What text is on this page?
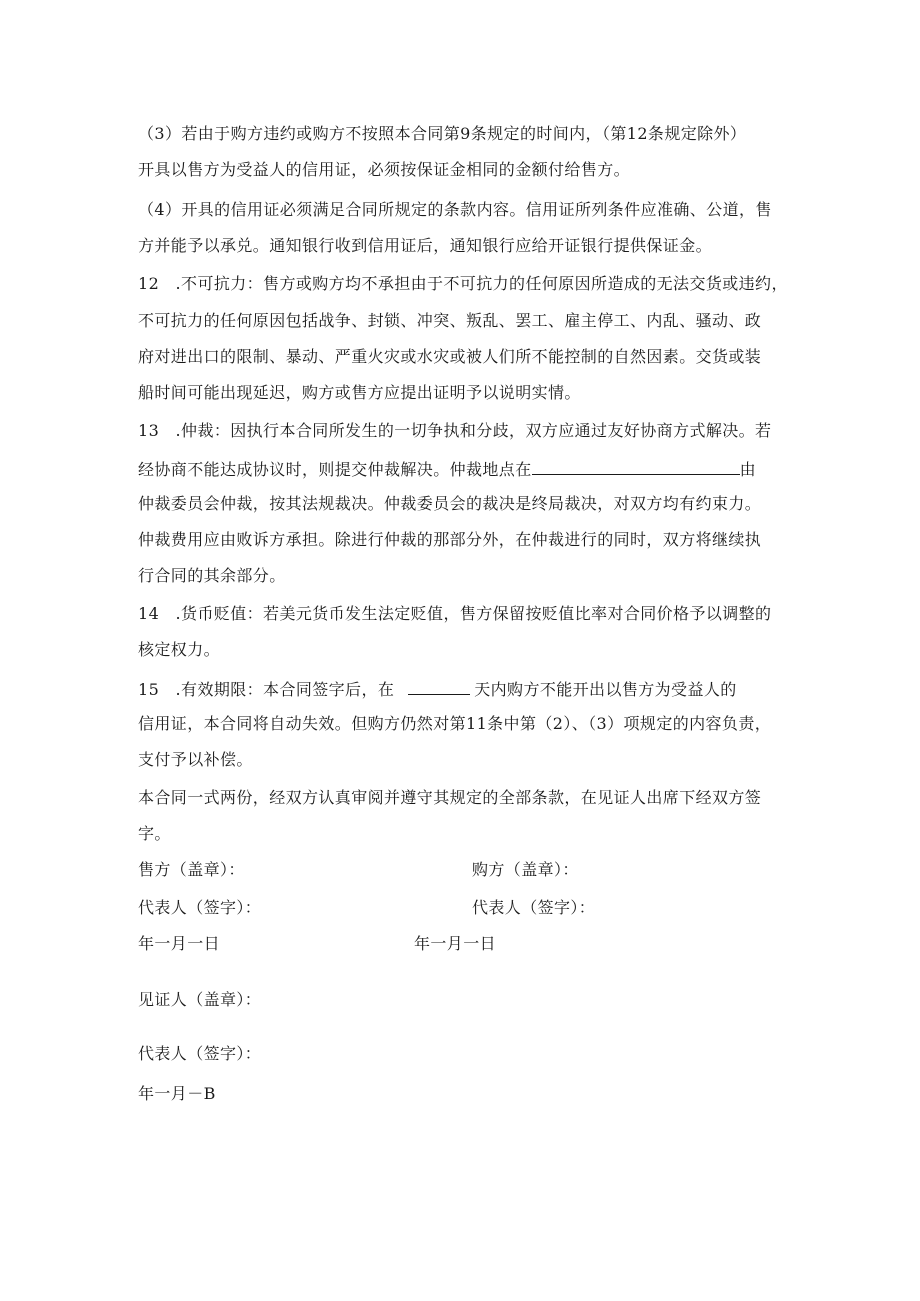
（3）若由于购方违约或购方不按照本合同第9条规定的时间内，（第12条规定除外）
开具以售方为受益人的信用证，必须按保证金相同的金额付给售方。
（4）开具的信用证必须满足合同所规定的条款内容。信用证所列条件应准确、公道，售
方并能予以承兑。通知银行收到信用证后，通知银行应给开证银行提供保证金。
12　.不可抗力：售方或购方均不承担由于不可抗力的任何原因所造成的无法交货或违约，
不可抗力的任何原因包括战争、封锁、冲突、叛乱、罢工、雇主停工、内乱、骚动、政
府对进出口的限制、暴动、严重火灾或水灾或被人们所不能控制的自然因素。交货或装
船时间可能出现延迟，购方或售方应提出证明予以说明实情。
13　.仲裁：因执行本合同所发生的一切争执和分歧，双方应通过友好协商方式解决。若
经协商不能达成协议时，则提交仲裁解决。仲裁地点在	由
仲裁委员会仲裁，按其法规裁决。仲裁委员会的裁决是终局裁决，对双方均有约束力。
仲裁费用应由败诉方承担。除进行仲裁的那部分外，在仲裁进行的同时，双方将继续执
行合同的其余部分。
14　.货币贬值：若美元货币发生法定贬值，售方保留按贬值比率对合同价格予以调整的
核定权力。
15　.有效期限：本合同签字后，在	天内购方不能开出以售方为受益人的
信用证，本合同将自动失效。但购方仍然对第11条中第（2）、（3）项规定的内容负责，
支付予以补偿。
本合同一式两份，经双方认真审阅并遵守其规定的全部条款，在见证人出席下经双方签
字。
售方（盖章）：	购方（盖章）：
代表人（签字）：	代表人（签字）：
年一月一日	年一月一日
见证人（盖章）：
代表人（签字）：
年一月－B
